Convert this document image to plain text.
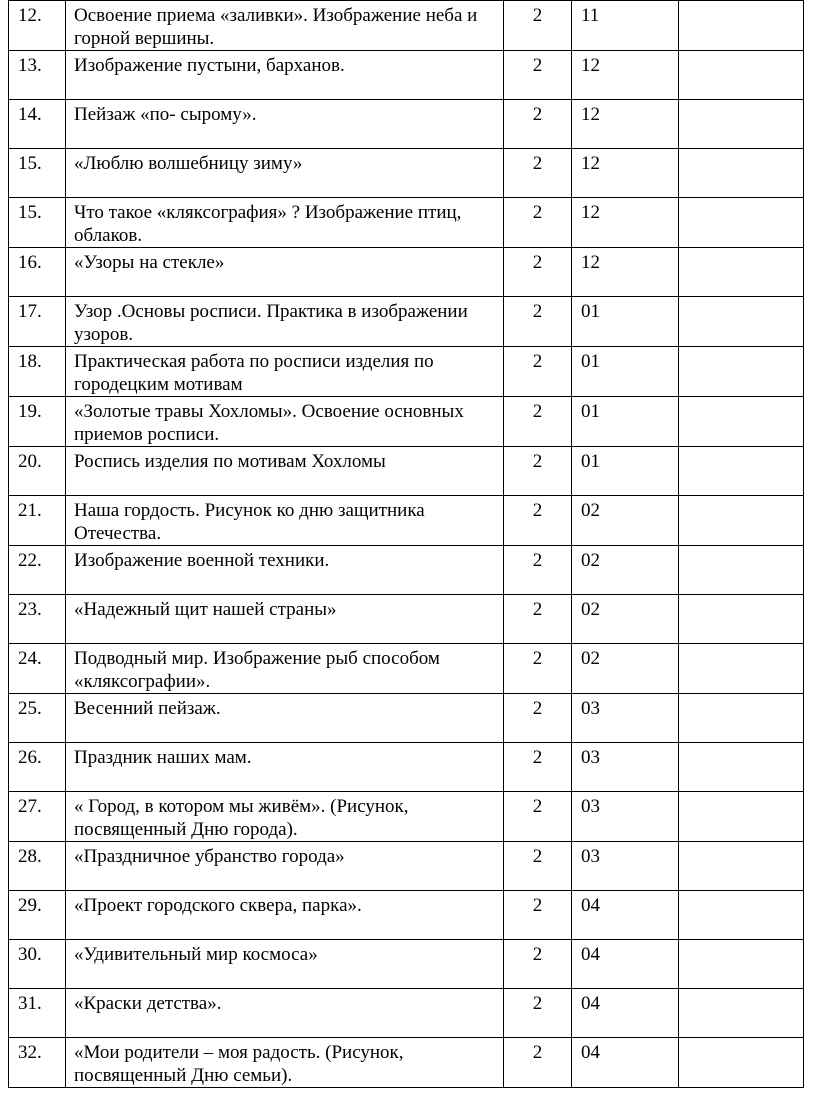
12.	Освоение приема «заливки». Изображение неба и горной вершины.	2	11	
13.	Изображение пустыни, барханов.	2	12	
14.	Пейзаж «по- сырому».	2	12	
15.	«Люблю волшебницу зиму»	2	12	
15.	Что такое «кляксография» ? Изображение птиц, облаков.	2	12	
16.	«Узоры на стекле»	2	12	
17.	Узор .Основы росписи. Практика в изображении узоров.	2	01	
18.	Практическая работа по росписи изделия по городецким мотивам	2	01	
19.	«Золотые травы Хохломы». Освоение основных приемов росписи.	2	01	
20.	Роспись изделия по мотивам Хохломы	2	01	
21.	Наша гордость. Рисунок ко дню защитника Отечества.	2	02	
22.	Изображение военной техники.	2	02	
23.	«Надежный щит нашей страны»	2	02	
24.	Подводный мир. Изображение рыб способом «кляксографии».	2	02	
25.	Весенний пейзаж.	2	03	
26.	Праздник наших мам.	2	03	
27.	« Город, в котором мы живём». (Рисунок, посвященный Дню города).	2	03	
28.	«Праздничное убранство города»	2	03	
29.	«Проект городского сквера, парка».	2	04	
30.	«Удивительный мир космоса»	2	04	
31.	«Краски детства».	2	04	
32.	«Мои родители – моя радость. (Рисунок, посвященный Дню семьи).	2	04	
